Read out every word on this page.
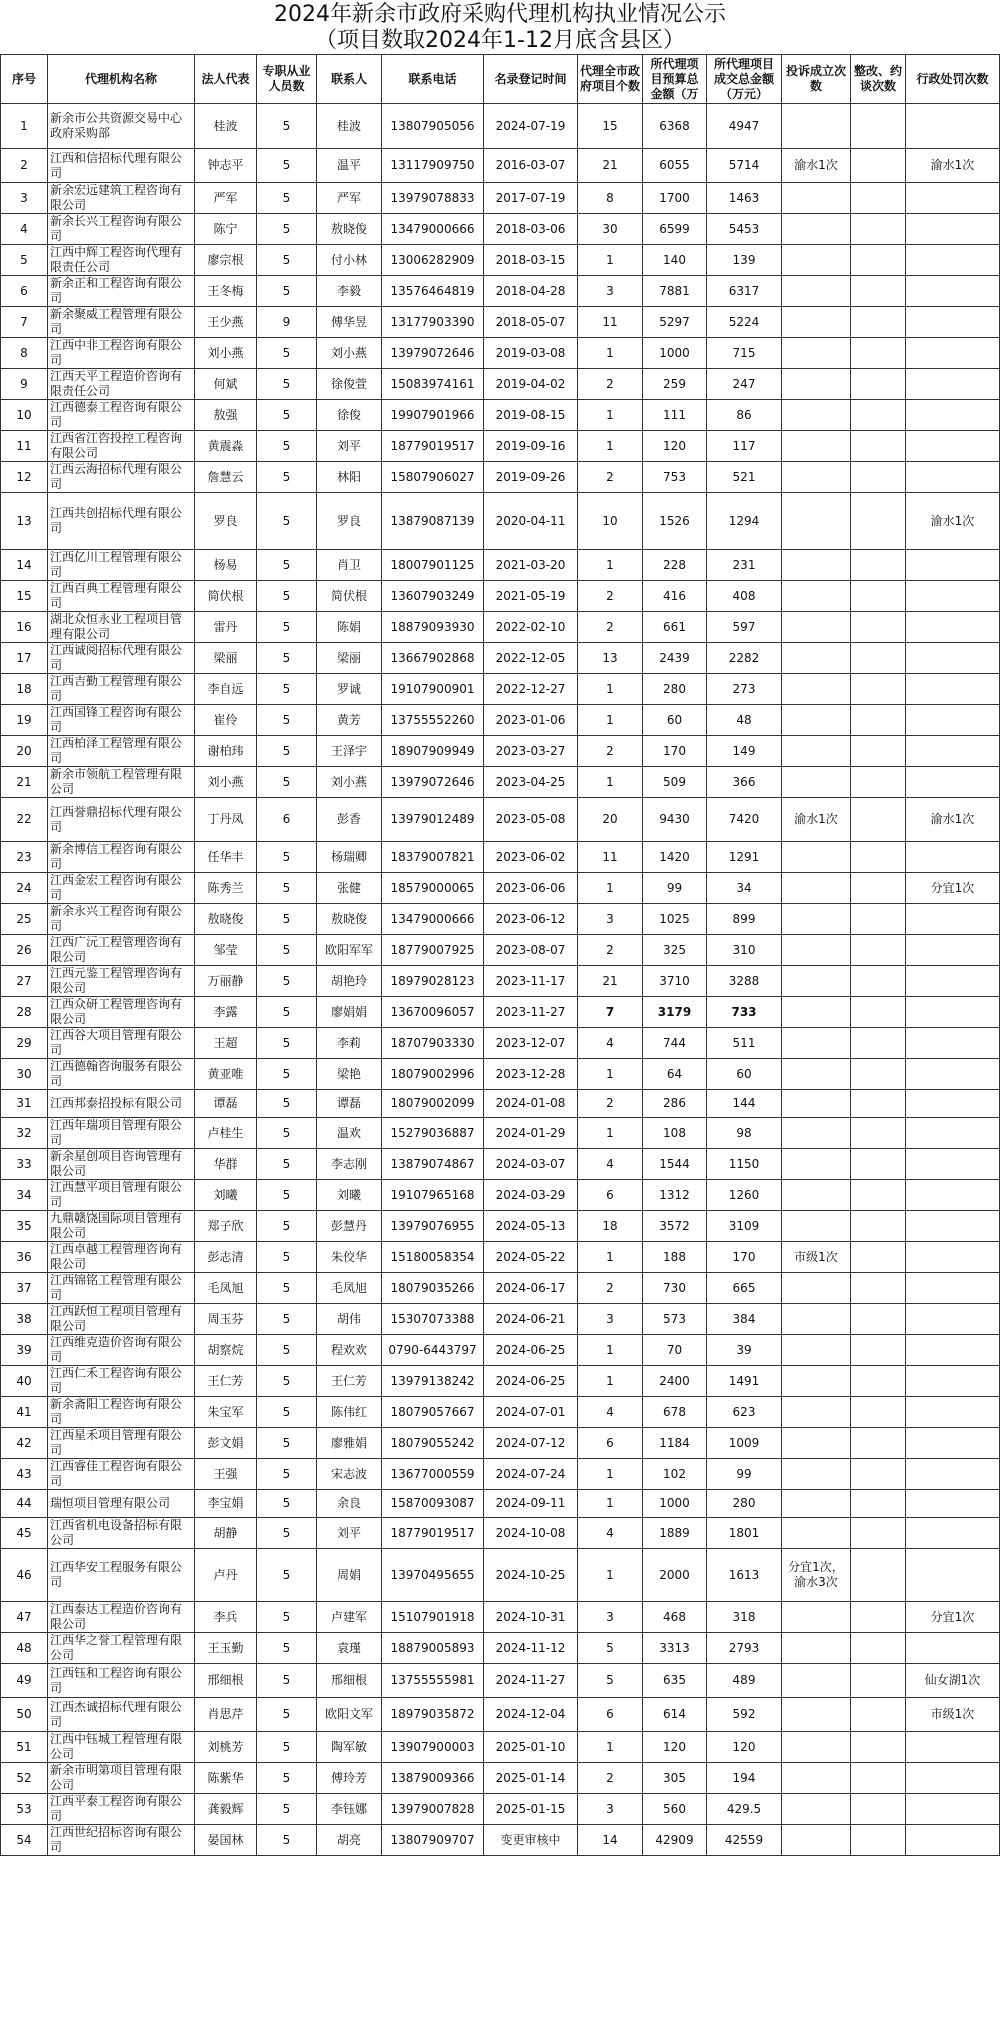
2024年新余市政府采购代理机构执业情况公示
（项目数取2024年1-12月底含县区）
序号	代理机构名称	法人代表	专职从业人员数	联系人	联系电话	名录登记时间	代理全市政府项目个数	所代理项目预算总金额（万	所代理项目成交总金额（万元）	投诉成立次数	整改、约谈次数	行政处罚次数
1	新余市公共资源交易中心政府采购部	桂波	5	桂波	13807905056	2024-07-19	15	6368	4947			
2	江西和信招标代理有限公司	钟志平	5	温平	13117909750	2016-03-07	21	6055	5714	渝水1次		渝水1次
3	新余宏远建筑工程咨询有限公司	严军	5	严军	13979078833	2017-07-19	8	1700	1463			
4	新余长兴工程咨询有限公司	陈宁	5	敖晓俊	13479000666	2018-03-06	30	6599	5453			
5	江西中辉工程咨询代理有限责任公司	廖宗根	5	付小林	13006282909	2018-03-15	1	140	139			
6	新余正和工程咨询有限公司	王冬梅	5	李毅	13576464819	2018-04-28	3	7881	6317			
7	新余聚威工程管理有限公司	王少燕	9	傅华昱	13177903390	2018-05-07	11	5297	5224			
8	江西中非工程咨询有限公司	刘小燕	5	刘小燕	13979072646	2019-03-08	1	1000	715			
9	江西天平工程造价咨询有限责任公司	何斌	5	徐俊萱	15083974161	2019-04-02	2	259	247			
10	江西德泰工程咨询有限公司	敖强	5	徐俊	19907901966	2019-08-15	1	111	86			
11	江西省江咨投控工程咨询有限公司	黄震淼	5	刘平	18779019517	2019-09-16	1	120	117			
12	江西云海招标代理有限公司	詹慧云	5	林阳	15807906027	2019-09-26	2	753	521			
13	江西共创招标代理有限公司	罗良	5	罗良	13879087139	2020-04-11	10	1526	1294			渝水1次
14	江西亿川工程管理有限公司	杨易	5	肖卫	18007901125	2021-03-20	1	228	231			
15	江西百典工程管理有限公司	简伏根	5	简伏根	13607903249	2021-05-19	2	416	408			
16	湖北众恒永业工程项目管理有限公司	雷丹	5	陈娟	18879093930	2022-02-10	2	661	597			
17	江西诚阅招标代理有限公司	梁丽	5	梁丽	13667902868	2022-12-05	13	2439	2282			
18	江西吉勤工程管理有限公司	李自远	5	罗诚	19107900901	2022-12-27	1	280	273			
19	江西国锋工程咨询有限公司	崔伶	5	黄芳	13755552260	2023-01-06	1	60	48			
20	江西柏泽工程管理有限公司	谢柏玮	5	王泽宇	18907909949	2023-03-27	2	170	149			
21	新余市领航工程管理有限公司	刘小燕	5	刘小燕	13979072646	2023-04-25	1	509	366			
22	江西誉鼎招标代理有限公司	丁丹凤	6	彭香	13979012489	2023-05-08	20	9430	7420	渝水1次		渝水1次
23	新余博信工程咨询有限公司	任华丰	5	杨瑞卿	18379007821	2023-06-02	11	1420	1291			
24	江西金宏工程咨询有限公司	陈秀兰	5	张健	18579000065	2023-06-06	1	99	34			分宜1次
25	新余永兴工程咨询有限公司	敖晓俊	5	敖晓俊	13479000666	2023-06-12	3	1025	899			
26	江西广沅工程管理咨询有限公司	邹莹	5	欧阳军军	18779007925	2023-08-07	2	325	310			
27	江西元鉴工程管理咨询有限公司	万丽静	5	胡艳玲	18979028123	2023-11-17	21	3710	3288			
28	江西众研工程管理咨询有限公司	李露	5	廖娟娟	13670096057	2023-11-27	7	3179	733			
29	江西谷大项目管理有限公司	王超	5	李莉	18707903330	2023-12-07	4	744	511			
30	江西德翰咨询服务有限公司	黄亚唯	5	梁艳	18079002996	2023-12-28	1	64	60			
31	江西邦泰招投标有限公司	谭磊	5	谭磊	18079002099	2024-01-08	2	286	144			
32	江西年瑞项目管理有限公司	卢桂生	5	温欢	15279036887	2024-01-29	1	108	98			
33	新余星创项目咨询管理有限公司	华群	5	李志刚	13879074867	2024-03-07	4	1544	1150			
34	江西慧平项目管理有限公司	刘曦	5	刘曦	19107965168	2024-03-29	6	1312	1260			
35	九鼎赣饶国际项目管理有限公司	郑子欣	5	彭慧丹	13979076955	2024-05-13	18	3572	3109			
36	江西卓越工程管理咨询有限公司	彭志清	5	朱佼华	15180058354	2024-05-22	1	188	170	市级1次		
37	江西锦铭工程管理有限公司	毛凤旭	5	毛凤旭	18079035266	2024-06-17	2	730	665			
38	江西跃恒工程项目管理有限公司	周玉芬	5	胡伟	15307073388	2024-06-21	3	573	384			
39	江西维克造价咨询有限公司	胡察烷	5	程欢欢	0790-6443797	2024-06-25	1	70	39			
40	江西仁禾工程咨询有限公司	王仁芳	5	王仁芳	13979138242	2024-06-25	1	2400	1491			
41	新余斋阳工程咨询有限公司	朱宝军	5	陈伟红	18079057667	2024-07-01	4	678	623			
42	江西星禾项目管理有限公司	彭文娟	5	廖雅娟	18079055242	2024-07-12	6	1184	1009			
43	江西睿佳工程咨询有限公司	王强	5	宋志波	13677000559	2024-07-24	1	102	99			
44	瑞恒项目管理有限公司	李宝娟	5	余良	15870093087	2024-09-11	1	1000	280			
45	江西省机电设备招标有限公司	胡静	5	刘平	18779019517	2024-10-08	4	1889	1801			
46	江西华安工程服务有限公司	卢丹	5	周娟	13970495655	2024-10-25	1	2000	1613	分宜1次，渝水3次		
47	江西泰达工程造价咨询有限公司	李兵	5	卢建军	15107901918	2024-10-31	3	468	318			分宜1次
48	江西华之誉工程管理有限公司	王玉勤	5	袁瑾	18879005893	2024-11-12	5	3313	2793			
49	江西钰和工程咨询有限公司	邢细根	5	邢细根	13755555981	2024-11-27	5	635	489			仙女湖1次
50	江西杰诚招标代理有限公司	肖思芹	5	欧阳文军	18979035872	2024-12-04	6	614	592			市级1次
51	江西中钰城工程管理有限公司	刘桃芳	5	陶军敏	13907900003	2025-01-10	1	120	120			
52	新余市明第项目管理有限公司	陈紫华	5	傅玲芳	13879009366	2025-01-14	2	305	194			
53	江西平泰工程咨询有限公司	龚毅辉	5	李钰娜	13979007828	2025-01-15	3	560	429.5			
54	江西世纪招标咨询有限公司	晏国林	5	胡亮	13807909707	变更审核中	14	42909	42559			
